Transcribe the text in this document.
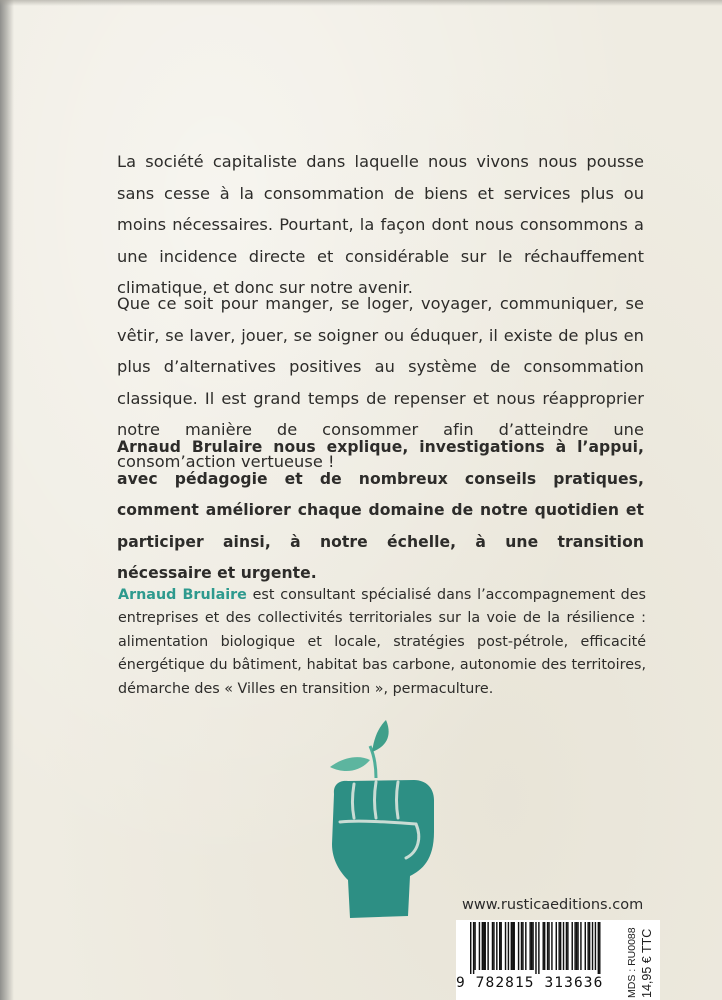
La société capitaliste dans laquelle nous vivons nous pousse sans cesse à la consommation de biens et services plus ou moins nécessaires. Pourtant, la façon dont nous consommons a une incidence directe et considérable sur le réchauffement climatique, et donc sur notre avenir.

Que ce soit pour manger, se loger, voyager, communiquer, se vêtir, se laver, jouer, se soigner ou éduquer, il existe de plus en plus d’alternatives positives au système de consommation classique. Il est grand temps de repenser et nous réapproprier notre manière de consommer afin d’atteindre une consom’action vertueuse !

Arnaud Brulaire nous explique, investigations à l’appui, avec pédagogie et de nombreux conseils pratiques, comment améliorer chaque domaine de notre quotidien et participer ainsi, à notre échelle, à une transition nécessaire et urgente.

Arnaud Brulaire est consultant spécialisé dans l’accompagnement des entreprises et des collectivités territoriales sur la voie de la résilience : alimentation biologique et locale, stratégies post-pétrole, efficacité énergétique du bâtiment, habitat bas carbone, autonomie des territoires, démarche des « Villes en transition », permaculture.

www.rusticaeditions.com
9 782815 313636	MDS : RU0088 14,95 € TTC
